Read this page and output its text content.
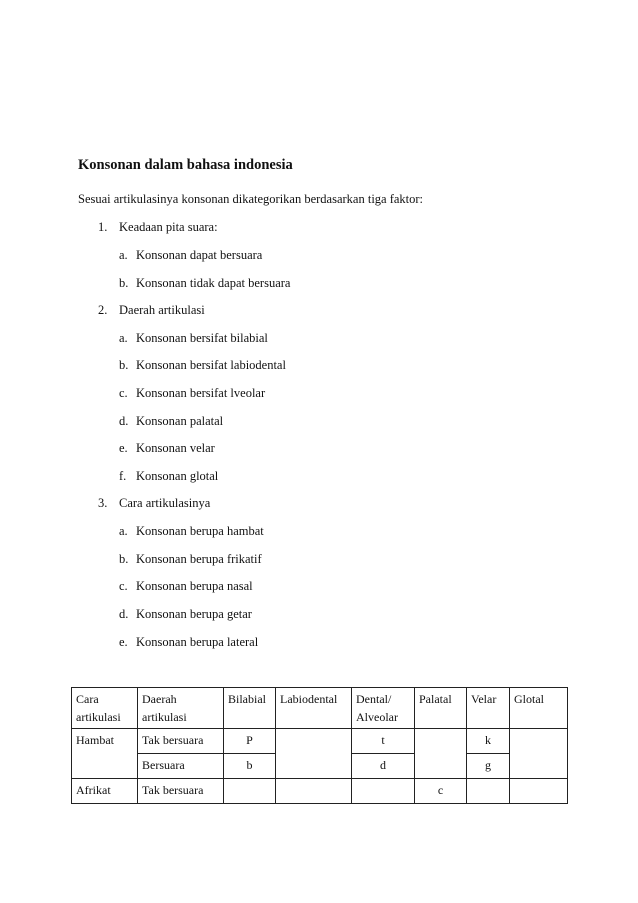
Konsonan dalam bahasa indonesia
Sesuai artikulasinya konsonan dikategorikan berdasarkan tiga faktor:
1. Keadaan pita suara:
a. Konsonan dapat bersuara
b. Konsonan tidak dapat bersuara
2. Daerah artikulasi
a. Konsonan bersifat bilabial
b. Konsonan bersifat labiodental
c. Konsonan bersifat lveolar
d. Konsonan palatal
e. Konsonan velar
f. Konsonan glotal
3. Cara artikulasinya
a. Konsonan berupa hambat
b. Konsonan berupa frikatif
c. Konsonan berupa nasal
d. Konsonan berupa getar
e. Konsonan berupa lateral
Cara artikulasi	Daerah artikulasi	Bilabial	Labiodental	Dental/ Alveolar	Palatal	Velar	Glotal
Hambat	Tak bersuara	P		t		k	
	Bersuara	b		d		g	
Afrikat	Tak bersuara				c		
